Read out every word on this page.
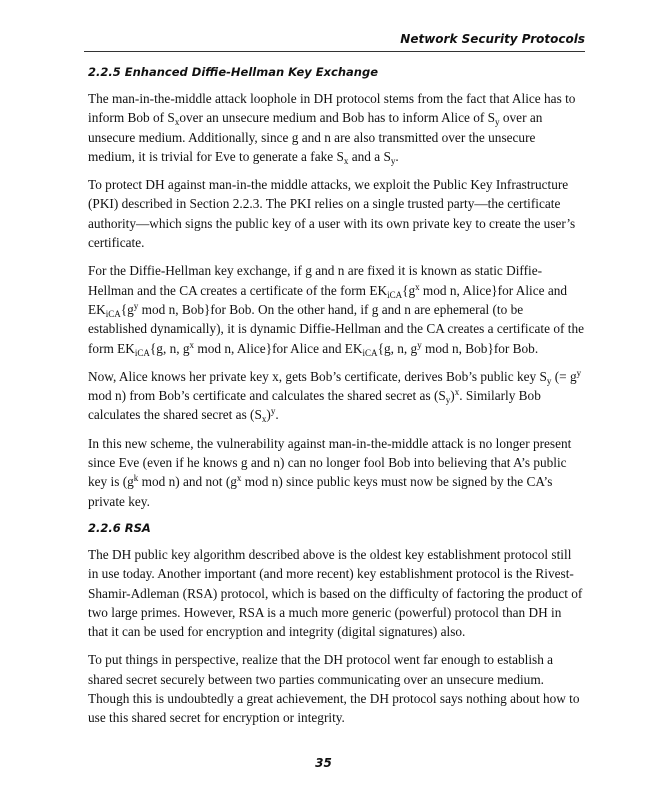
Network Security Protocols
2.2.5 Enhanced Diffie-Hellman Key Exchange

The man-in-the-middle attack loophole in DH protocol stems from the fact that Alice has to inform Bob of $S_xover$ an unsecure medium and Bob has to inform Alice of $S_y$ over an unsecure medium. Additionally, since g and n are also transmitted over the unsecure medium, it is trivial for Eve to generate a fake $S_x$ and a $S_y$.

To protect DH against man-in-the middle attacks, we exploit the Public Key Infrastructure (PKI) described in Section 2.2.3. The PKI relies on a single trusted party—the certificate authority—which signs the public key of a user with its own private key to create the user’s certificate.

For the Diffie-Hellman key exchange, if g and n are fixed it is known as static Diffie-Hellman and the CA creates a certificate of the form $EK_{iCA}\{g^x$ mod n, Alice}for Alice and $EK_{iCA}\{g^y$ mod n, Bob}for Bob. On the other hand, if g and n are ephemeral (to be established dynamically), it is dynamic Diffie-Hellman and the CA creates a certificate of the form $EK_{iCA}\{g$, n, $g^x$ mod n, Alice}for Alice and $EK_{iCA}\{g$, n, $g^y$ mod n, Bob}for Bob.

Now, Alice knows her private key x, gets Bob’s certificate, derives Bob’s public key $S_y$ (= $g^y$ mod n) from Bob’s certificate and calculates the shared secret as $(S_y)^x$. Similarly Bob calculates the shared secret as $(S_x)^y$.

In this new scheme, the vulnerability against man-in-the-middle attack is no longer present since Eve (even if he knows g and n) can no longer fool Bob into believing that A’s public key is ($g^k$ mod n) and not ($g^x$ mod n) since public keys must now be signed by the CA’s private key.

2.2.6 RSA

The DH public key algorithm described above is the oldest key establishment protocol still in use today. Another important (and more recent) key establishment protocol is the Rivest-Shamir-Adleman (RSA) protocol, which is based on the difficulty of factoring the product of two large primes. However, RSA is a much more generic (powerful) protocol than DH in that it can be used for encryption and integrity (digital signatures) also.

To put things in perspective, realize that the DH protocol went far enough to establish a shared secret securely between two parties communicating over an unsecure medium. Though this is undoubtedly a great achievement, the DH protocol says nothing about how to use this shared secret for encryption or integrity.

35
